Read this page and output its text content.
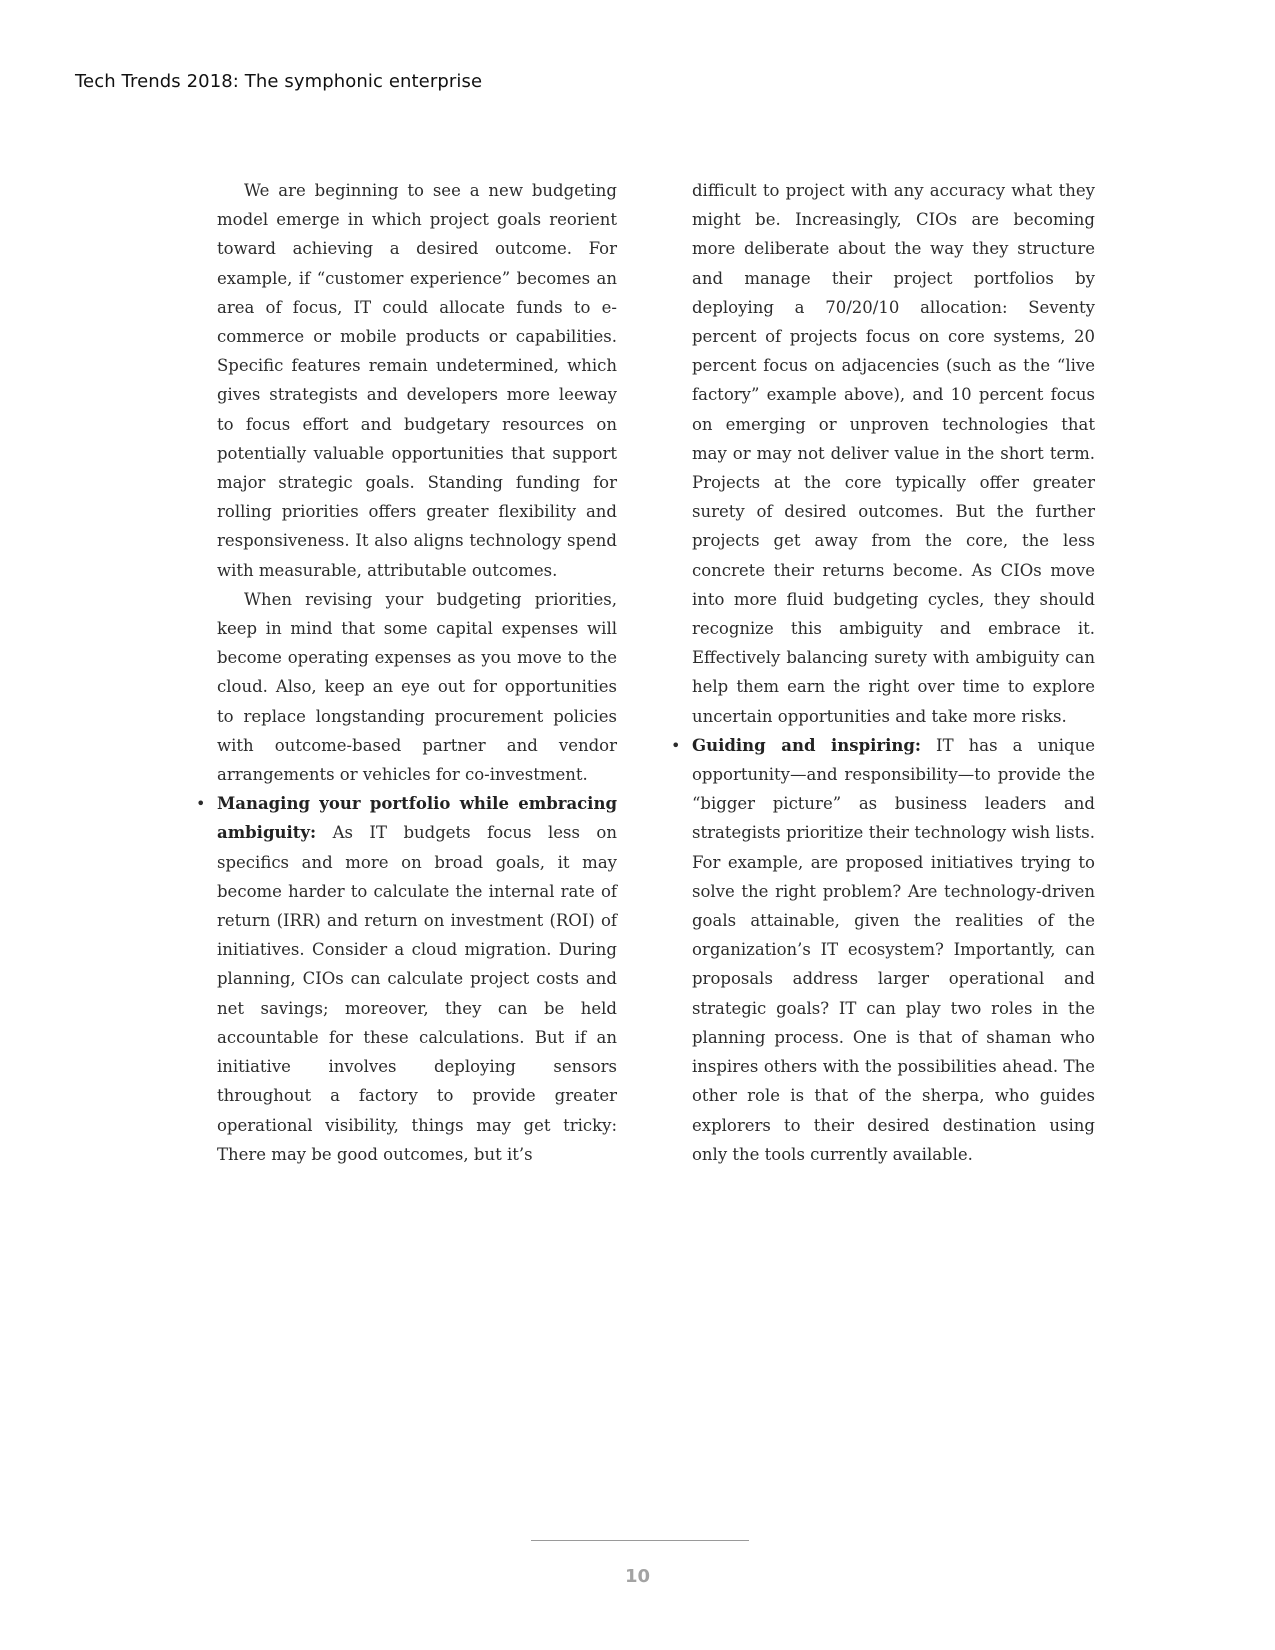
Tech Trends 2018: The symphonic enterprise

We are beginning to see a new budgeting model emerge in which project goals reorient toward achieving a desired outcome. For example, if “customer experience” becomes an area of focus, IT could allocate funds to e-commerce or mobile products or capabilities. Specific features remain undetermined, which gives strategists and developers more leeway to focus effort and budgetary resources on potentially valuable opportunities that support major strategic goals. Standing funding for rolling priorities offers greater flexibility and responsiveness. It also aligns technology spend with measurable, attributable outcomes.

When revising your budgeting priorities, keep in mind that some capital expenses will become operating expenses as you move to the cloud. Also, keep an eye out for opportunities to replace longstanding procurement policies with outcome-based partner and vendor arrangements or vehicles for co-investment.

• Managing your portfolio while embracing ambiguity: As IT budgets focus less on specifics and more on broad goals, it may become harder to calculate the internal rate of return (IRR) and return on investment (ROI) of initiatives. Consider a cloud migration. During planning, CIOs can calculate project costs and net savings; moreover, they can be held accountable for these calculations. But if an initiative involves deploying sensors throughout a factory to provide greater operational visibility, things may get tricky: There may be good outcomes, but it’s

difficult to project with any accuracy what they might be. Increasingly, CIOs are becoming more deliberate about the way they structure and manage their project portfolios by deploying a 70/20/10 allocation: Seventy percent of projects focus on core systems, 20 percent focus on adjacencies (such as the “live factory” example above), and 10 percent focus on emerging or unproven technologies that may or may not deliver value in the short term. Projects at the core typically offer greater surety of desired outcomes. But the further projects get away from the core, the less concrete their returns become. As CIOs move into more fluid budgeting cycles, they should recognize this ambiguity and embrace it. Effectively balancing surety with ambiguity can help them earn the right over time to explore uncertain opportunities and take more risks.

• Guiding and inspiring: IT has a unique opportunity—and responsibility—to provide the “bigger picture” as business leaders and strategists prioritize their technology wish lists. For example, are proposed initiatives trying to solve the right problem? Are technology-driven goals attainable, given the realities of the organization’s IT ecosystem? Importantly, can proposals address larger operational and strategic goals? IT can play two roles in the planning process. One is that of shaman who inspires others with the possibilities ahead. The other role is that of the sherpa, who guides explorers to their desired destination using only the tools currently available.

10
